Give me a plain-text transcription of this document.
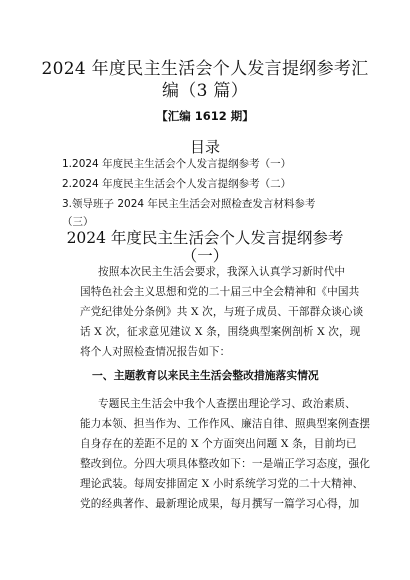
2024 年度民主生活会个人发言提纲参考汇
编（3 篇）
【汇编 1612 期】
目录
1.2024 年度民主生活会个人发言提纲参考（一）
2.2024 年度民主生活会个人发言提纲参考（二）
3.领导班子 2024 年民主生活会对照检查发言材料参考
（三）
2024 年度民主生活会个人发言提纲参考
（一）
按照本次民主生活会要求，我深入认真学习新时代中
国特色社会主义思想和党的二十届三中全会精神和《中国共
产党纪律处分条例》共 X 次，与班子成员、干部群众谈心谈
话 X 次，征求意见建议 X 条，围绕典型案例剖析 X 次，现
将个人对照检查情况报告如下：
一、主题教育以来民主生活会整改措施落实情况
专题民主生活会中我个人查摆出理论学习、政治素质、
能力本领、担当作为、工作作风、廉洁自律、照典型案例查摆
自身存在的差距不足的 X 个方面突出问题 X 条，目前均已
整改到位。分四大项具体整改如下：一是端正学习态度，强化
理论武装。每周安排固定 X 小时系统学习党的二十大精神、
党的经典著作、最新理论成果，每月撰写一篇学习心得，加
